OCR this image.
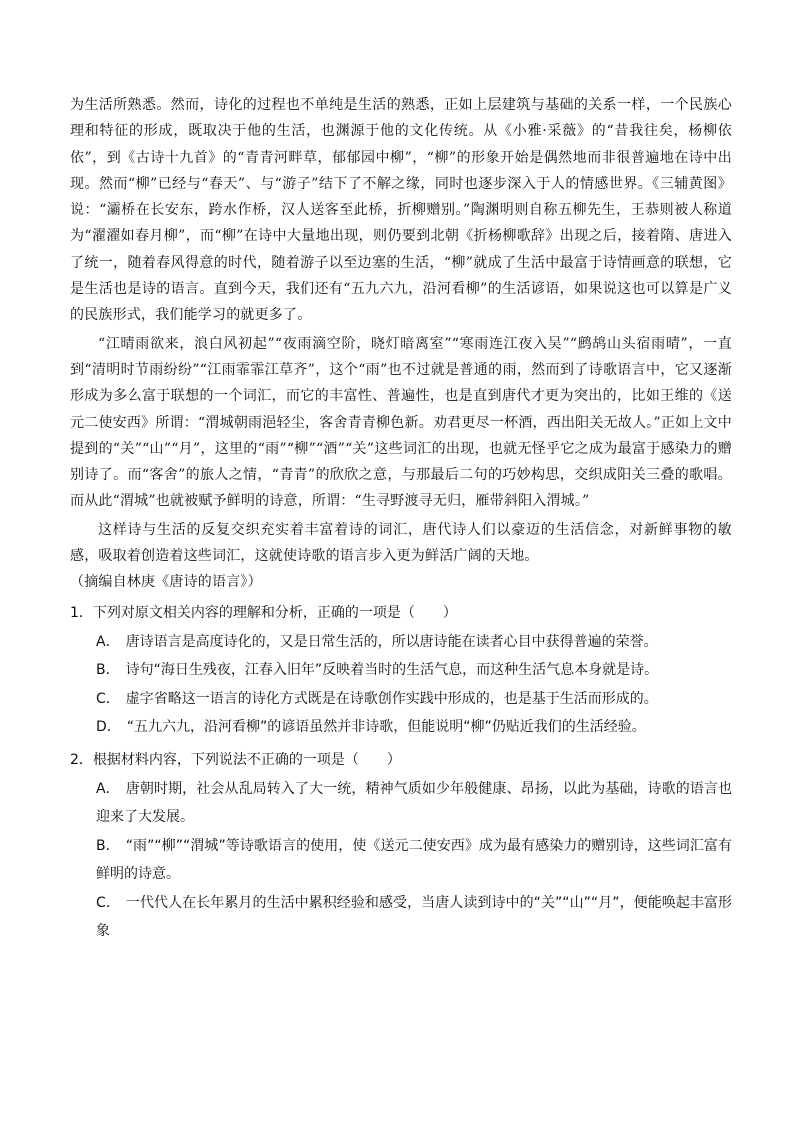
为生活所熟悉。然而，诗化的过程也不单纯是生活的熟悉，正如上层建筑与基础的关系一样，一个民族心理和特征的形成，既取决于他的生活，也渊源于他的文化传统。从《小雅·采薇》的“昔我往矣，杨柳依依”，到《古诗十九首》的“青青河畔草，郁郁园中柳”，“柳”的形象开始是偶然地而非很普遍地在诗中出现。然而“柳”已经与“春天”、与“游子”结下了不解之缘，同时也逐步深入于人的情感世界。《三辅黄图》说：“灞桥在长安东，跨水作桥，汉人送客至此桥，折柳赠别。”陶渊明则自称五柳先生，王恭则被人称道为“濯濯如春月柳”，而“柳”在诗中大量地出现，则仍要到北朝《折杨柳歌辞》出现之后，接着隋、唐进入了统一，随着春风得意的时代，随着游子以至边塞的生活，“柳”就成了生活中最富于诗情画意的联想，它是生活也是诗的语言。直到今天，我们还有“五九六九，沿河看柳”的生活谚语，如果说这也可以算是广义的民族形式，我们能学习的就更多了。

“江晴雨欲来，浪白风初起”“夜雨滴空阶，晓灯暗离室”“寒雨连江夜入吴”“鹧鸪山头宿雨晴”，一直到“清明时节雨纷纷”“江雨霏霏江草齐”，这个“雨”也不过就是普通的雨，然而到了诗歌语言中，它又逐渐形成为多么富于联想的一个词汇，而它的丰富性、普遍性，也是直到唐代才更为突出的，比如王维的《送元二使安西》所谓：“渭城朝雨浥轻尘，客舍青青柳色新。劝君更尽一杯酒，西出阳关无故人。”正如上文中提到的“关”“山”“月”，这里的“雨”“柳”“酒”“关”这些词汇的出现，也就无怪乎它之成为最富于感染力的赠别诗了。而“客舍”的旅人之情，“青青”的欣欣之意，与那最后二句的巧妙构思，交织成阳关三叠的歌唱。而从此“渭城”也就被赋予鲜明的诗意，所谓：“生寻野渡寻无归，雁带斜阳入渭城。”

这样诗与生活的反复交织充实着丰富着诗的词汇，唐代诗人们以豪迈的生活信念，对新鲜事物的敏感，吸取着创造着这些词汇，这就使诗歌的语言步入更为鲜活广阔的天地。

（摘编自林庚《唐诗的语言》）

1．下列对原文相关内容的理解和分析，正确的一项是（　　）

A． 唐诗语言是高度诗化的，又是日常生活的，所以唐诗能在读者心目中获得普遍的荣誉。

B． 诗句“海日生残夜，江春入旧年”反映着当时的生活气息，而这种生活气息本身就是诗。

C． 虚字省略这一语言的诗化方式既是在诗歌创作实践中形成的，也是基于生活而形成的。

D． “五九六九，沿河看柳”的谚语虽然并非诗歌，但能说明“柳”仍贴近我们的生活经验。

2．根据材料内容，下列说法不正确的一项是（　　）

A． 唐朝时期，社会从乱局转入了大一统，精神气质如少年般健康、昂扬，以此为基础，诗歌的语言也迎来了大发展。

B． “雨”“柳”“渭城”等诗歌语言的使用，使《送元二使安西》成为最有感染力的赠别诗，这些词汇富有鲜明的诗意。

C． 一代代人在长年累月的生活中累积经验和感受，当唐人读到诗中的“关”“山”“月”，便能唤起丰富形象
